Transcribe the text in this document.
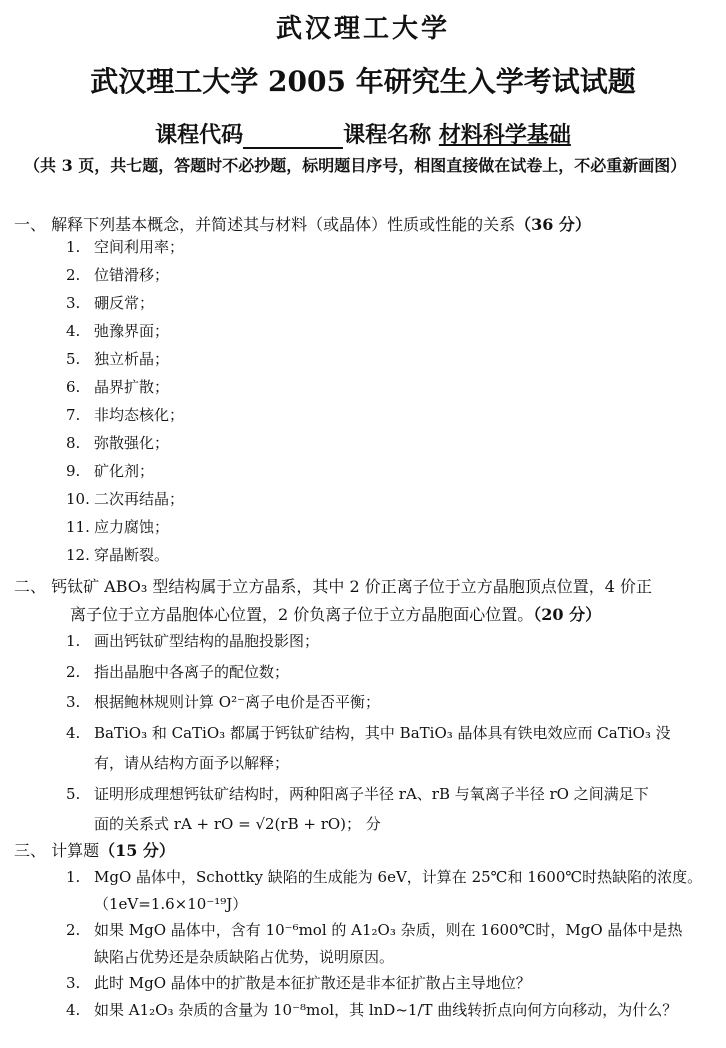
武汉理工大学
武汉理工大学 2005 年研究生入学考试试题
课程代码	课程名称 材料科学基础
（共 3 页，共七题，答题时不必抄题，标明题目序号，相图直接做在试卷上，不必重新画图）
一、 解释下列基本概念，并简述其与材料（或晶体）性质或性能的关系（36 分）
1. 空间利用率；
2. 位错滑移；
3. 硼反常；
4. 弛豫界面；
5. 独立析晶；
6. 晶界扩散；
7. 非均态核化；
8. 弥散强化；
9. 矿化剂；
10. 二次再结晶；
11. 应力腐蚀；
12. 穿晶断裂。
二、 钙钛矿 ABO₃ 型结构属于立方晶系，其中 2 价正离子位于立方晶胞顶点位置，4 价正
离子位于立方晶胞体心位置，2 价负离子位于立方晶胞面心位置。（20 分）
1. 画出钙钛矿型结构的晶胞投影图；
2. 指出晶胞中各离子的配位数；
3. 根据鲍林规则计算 O²⁻离子电价是否平衡；
4. BaTiO₃ 和 CaTiO₃ 都属于钙钛矿结构，其中 BaTiO₃ 晶体具有铁电效应而 CaTiO₃ 没
有，请从结构方面予以解释；
5. 证明形成理想钙钛矿结构时，两种阳离子半径 rA、rB 与氧离子半径 rO 之间满足下
面的关系式 rA + rO = √2(rB + rO)； 分
三、 计算题（15 分）
1. MgO 晶体中，Schottky 缺陷的生成能为 6eV，计算在 25℃和 1600℃时热缺陷的浓度。
（1eV=1.6×10⁻¹⁹J）
2. 如果 MgO 晶体中，含有 10⁻⁶mol 的 A1₂O₃ 杂质，则在 1600℃时，MgO 晶体中是热
缺陷占优势还是杂质缺陷占优势，说明原因。
3. 此时 MgO 晶体中的扩散是本征扩散还是非本征扩散占主导地位？
4. 如果 A1₂O₃ 杂质的含量为 10⁻⁸mol，其 lnD~1/T 曲线转折点向何方向移动，为什么？
